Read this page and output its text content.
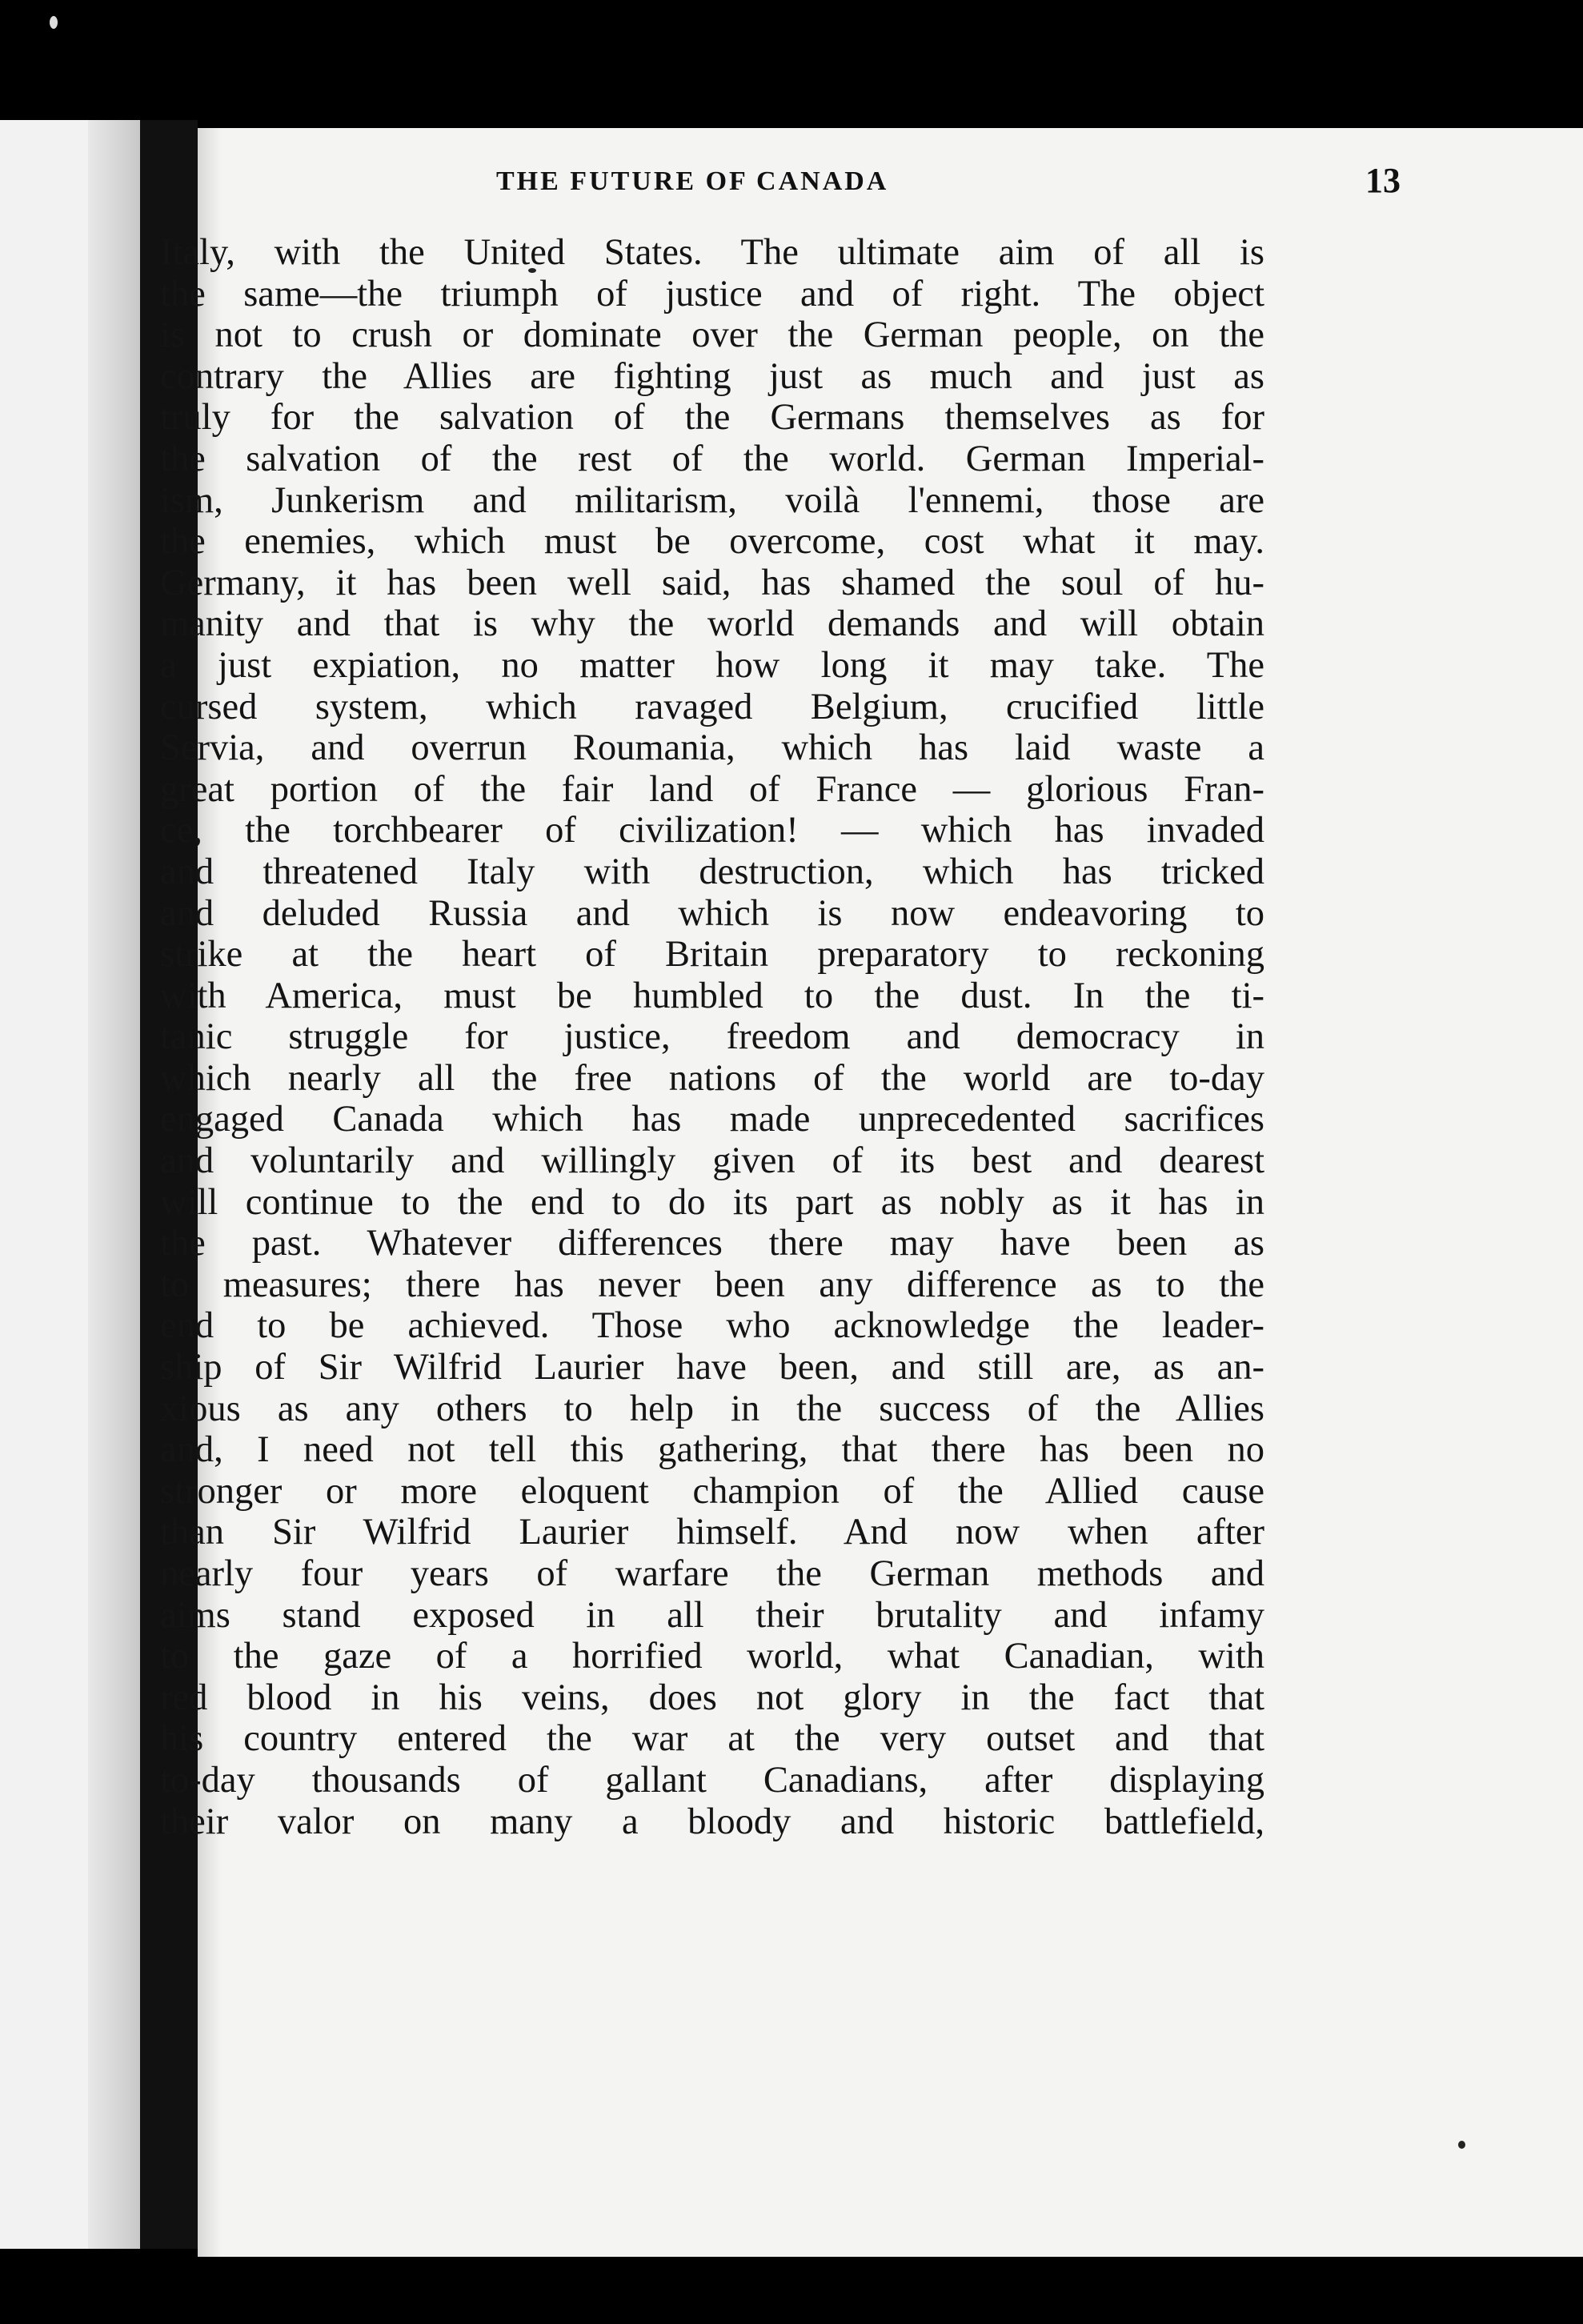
THE FUTURE OF CANADA	13
Italy, with the United States. The ultimate aim of all is
the same—the triumph of justice and of right. The object
is not to crush or dominate over the German people, on the
contrary the Allies are fighting just as much and just as
truly for the salvation of the Germans themselves as for
the salvation of the rest of the world. German Imperial-
ism, Junkerism and militarism, voilà l'ennemi, those are
the enemies, which must be overcome, cost what it may.
Germany, it has been well said, has shamed the soul of hu-
manity and that is why the world demands and will obtain
a just expiation, no matter how long it may take. The
cursed system, which ravaged Belgium, crucified little
Servia, and overrun Roumania, which has laid waste a
great portion of the fair land of France — glorious Fran-
ce, the torchbearer of civilization! — which has invaded
and threatened Italy with destruction, which has tricked
and deluded Russia and which is now endeavoring to
strike at the heart of Britain preparatory to reckoning
with America, must be humbled to the dust. In the ti-
tanic struggle for justice, freedom and democracy in
which nearly all the free nations of the world are to-day
engaged Canada which has made unprecedented sacrifices
and voluntarily and willingly given of its best and dearest
will continue to the end to do its part as nobly as it has in
the past. Whatever differences there may have been as
to measures; there has never been any difference as to the
end to be achieved. Those who acknowledge the leader-
ship of Sir Wilfrid Laurier have been, and still are, as an-
xious as any others to help in the success of the Allies
and, I need not tell this gathering, that there has been no
stronger or more eloquent champion of the Allied cause
than Sir Wilfrid Laurier himself. And now when after
nearly four years of warfare the German methods and
aims stand exposed in all their brutality and infamy
to the gaze of a horrified world, what Canadian, with
red blood in his veins, does not glory in the fact that
his country entered the war at the very outset and that
to-day thousands of gallant Canadians, after displaying
their valor on many a bloody and historic battlefield,
